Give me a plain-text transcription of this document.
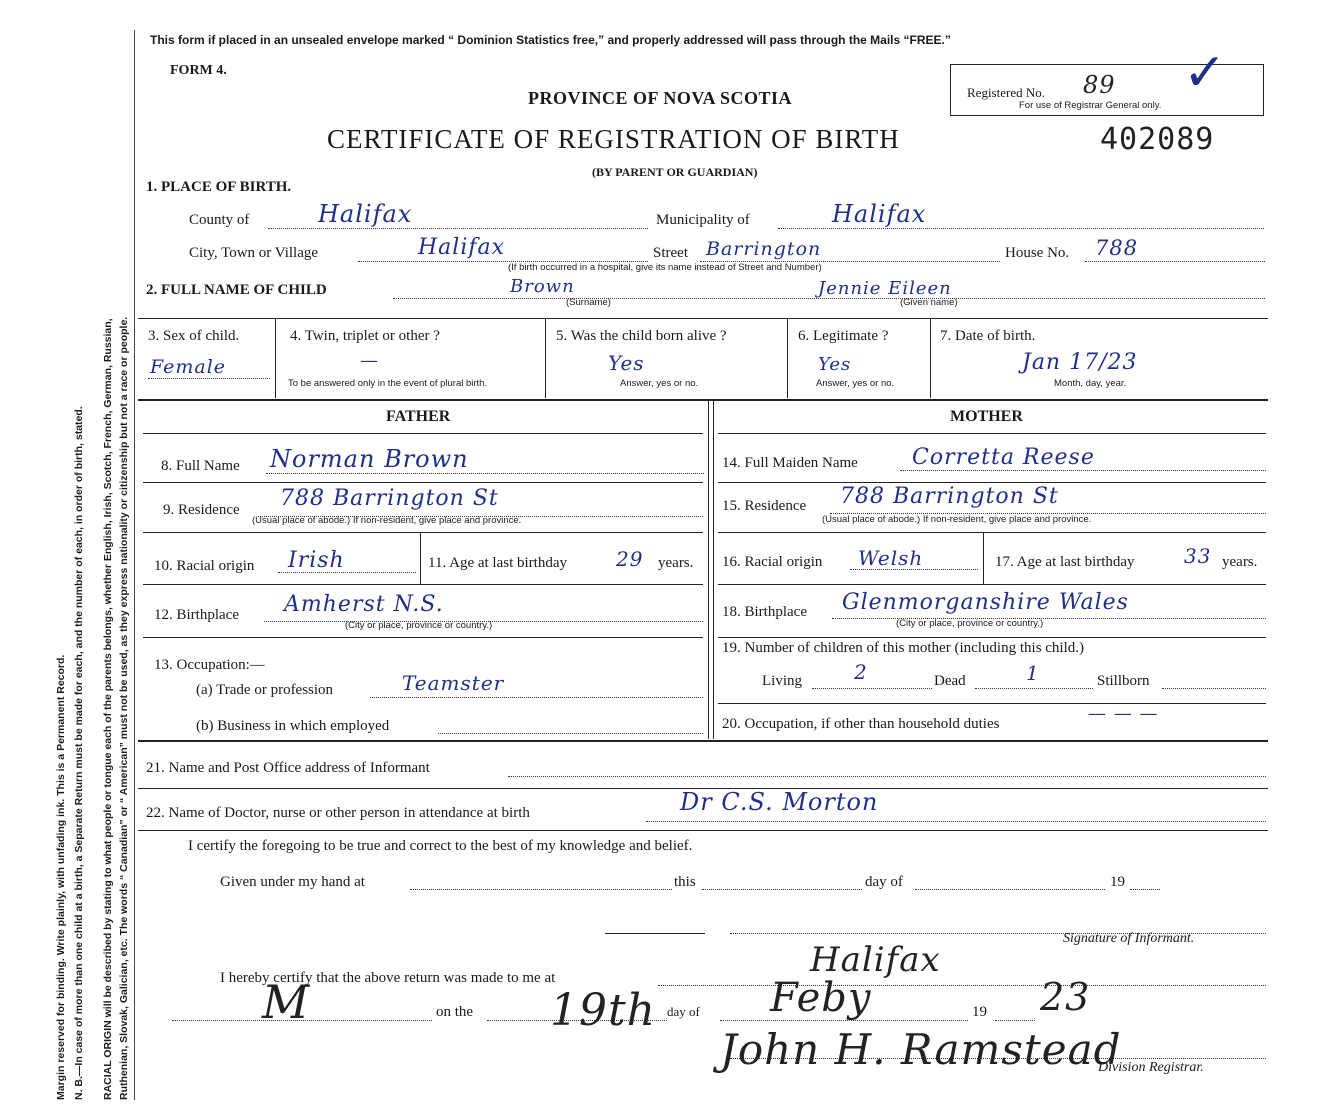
Margin reserved for binding. Write plainly, with unfading ink. This is a Permanent Record. N. B.—In case of more than one child at a birth, a Separate Return must be made for each, and the number of each, in order of birth, stated. RACIAL ORIGIN will be described by stating to what people or tongue each of the parents belongs, whether English, Irish, Scotch, French, German, Russian, Ruthenian, Slovak, Galician, etc. The words “ Canadian” or “ American” must not be used, as they express nationality or citizenship but not a race or people.
This form if placed in an unsealed envelope marked “ Dominion Statistics free,” and properly addressed will pass through the Mails “FREE.”
FORM 4.
PROVINCE OF NOVA SCOTIA
CERTIFICATE OF REGISTRATION OF BIRTH	402089
(BY PARENT OR GUARDIAN)
Registered No. 89
For use of Registrar General only.
✓
1. PLACE OF BIRTH.
County of	Halifax	Municipality of	Halifax
City, Town or Village	Halifax	Street Barrington	House No. 788
(If birth occurred in a hospital, give its name instead of Street and Number)
2. FULL NAME OF CHILD	Brown
(Surname)
Jennie Eileen
(Given name)
3. Sex of child.
Female
4. Twin, triplet or other ?
—
To be answered only in the event of plural birth.
5. Was the child born alive ?
Yes
Answer, yes or no.
6. Legitimate ?
Yes
Answer, yes or no.
7. Date of birth.
Jan 17/23
Month, day, year.
FATHER	MOTHER
8. Full Name Norman Brown	14. Full Maiden Name Corretta Reese
9. Residence 788 Barrington St
(Usual place of abode.) If non-resident, give place and province.
15. Residence 788 Barrington St
(Usual place of abode.) If non-resident, give place and province.
10. Racial origin Irish	11. Age at last birthday 29 years. 16. Racial origin Welsh	17. Age at last birthday 33 years.
12. Birthplace Amherst N.S.
(City or place, province or country.)
18. Birthplace Glenmorganshire Wales
(City or place, province or country.)
13. Occupation:—
(a) Trade or profession	Teamster
(b) Business in which employed
19. Number of children of this mother (including this child.)
Living	2	Dead	1	Stillborn
20. Occupation, if other than household duties	— — —
21. Name and Post Office address of Informant
22. Name of Doctor, nurse or other person in attendance at birth	Dr C.S. Morton
I certify the foregoing to be true and correct to the best of my knowledge and belief.
Given under my hand at	this	day of	19
Signature of Informant.
I hereby certify that the above return was made to me at	Halifax
M	on the 19th day of Feby	19 23
John H. Ramstead
Division Registrar.
